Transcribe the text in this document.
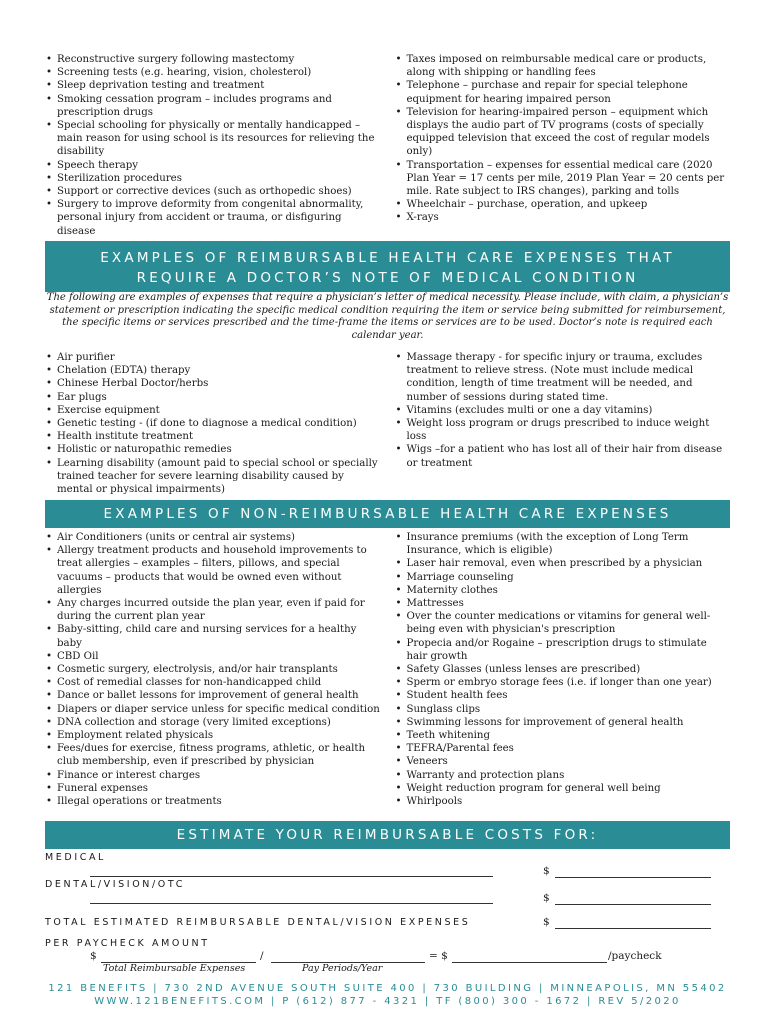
• Reconstructive surgery following mastectomy
• Screening tests (e.g. hearing, vision, cholesterol)
• Sleep deprivation testing and treatment
• Smoking cessation program – includes programs and prescription drugs
• Special schooling for physically or mentally handicapped – main reason for using school is its resources for relieving the disability
• Speech therapy
• Sterilization procedures
• Support or corrective devices (such as orthopedic shoes)
• Surgery to improve deformity from congenital abnormality, personal injury from accident or trauma, or disfiguring disease
• Taxes imposed on reimbursable medical care or products, along with shipping or handling fees
• Telephone – purchase and repair for special telephone equipment for hearing impaired person
• Television for hearing-impaired person – equipment which displays the audio part of TV programs (costs of specially equipped television that exceed the cost of regular models only)
• Transportation – expenses for essential medical care (2020 Plan Year = 17 cents per mile, 2019 Plan Year = 20 cents per mile. Rate subject to IRS changes), parking and tolls
• Wheelchair – purchase, operation, and upkeep
• X-rays
EXAMPLES OF REIMBURSABLE HEALTH CARE EXPENSES THAT
REQUIRE A DOCTOR’S NOTE OF MEDICAL CONDITION
The following are examples of expenses that require a physician’s letter of medical necessity. Please include, with claim, a physician’s statement or prescription indicating the specific medical condition requiring the item or service being submitted for reimbursement, the specific items or services prescribed and the time-frame the items or services are to be used. Doctor’s note is required each calendar year.
• Air purifier
• Chelation (EDTA) therapy
• Chinese Herbal Doctor/herbs
• Ear plugs
• Exercise equipment
• Genetic testing - (if done to diagnose a medical condition)
• Health institute treatment
• Holistic or naturopathic remedies
• Learning disability (amount paid to special school or specially trained teacher for severe learning disability caused by mental or physical impairments)
• Massage therapy - for specific injury or trauma, excludes treatment to relieve stress. (Note must include medical condition, length of time treatment will be needed, and number of sessions during stated time.
• Vitamins (excludes multi or one a day vitamins)
• Weight loss program or drugs prescribed to induce weight loss
• Wigs –for a patient who has lost all of their hair from disease or treatment
EXAMPLES OF NON-REIMBURSABLE HEALTH CARE EXPENSES
• Air Conditioners (units or central air systems)
• Allergy treatment products and household improvements to treat allergies – examples – filters, pillows, and special vacuums – products that would be owned even without allergies
• Any charges incurred outside the plan year, even if paid for during the current plan year
• Baby-sitting, child care and nursing services for a healthy baby
• CBD Oil
• Cosmetic surgery, electrolysis, and/or hair transplants
• Cost of remedial classes for non-handicapped child
• Dance or ballet lessons for improvement of general health
• Diapers or diaper service unless for specific medical condition
• DNA collection and storage (very limited exceptions)
• Employment related physicals
• Fees/dues for exercise, fitness programs, athletic, or health club membership, even if prescribed by physician
• Finance or interest charges
• Funeral expenses
• Illegal operations or treatments
• Insurance premiums (with the exception of Long Term Insurance, which is eligible)
• Laser hair removal, even when prescribed by a physician
• Marriage counseling
• Maternity clothes
• Mattresses
• Over the counter medications or vitamins for general well-being even with physician's prescription
• Propecia and/or Rogaine – prescription drugs to stimulate hair growth
• Safety Glasses (unless lenses are prescribed)
• Sperm or embryo storage fees (i.e. if longer than one year)
• Student health fees
• Sunglass clips
• Swimming lessons for improvement of general health
• Teeth whitening
• TEFRA/Parental fees
• Veneers
• Warranty and protection plans
• Weight reduction program for general well being
• Whirlpools
ESTIMATE YOUR REIMBURSABLE COSTS FOR:
MEDICAL
$
DENTAL/VISION/OTC
$
TOTAL ESTIMATED REIMBURSABLE DENTAL/VISION EXPENSES	$
PER PAYCHECK AMOUNT
$	/	= $	/paycheck
Total Reimbursable Expenses	Pay Periods/Year
121 BENEFITS | 730 2ND AVENUE SOUTH SUITE 400 | 730 BUILDING | MINNEAPOLIS, MN 55402
WWW.121BENEFITS.COM | P (612) 877 - 4321 | TF (800) 300 - 1672 | REV 5/2020
